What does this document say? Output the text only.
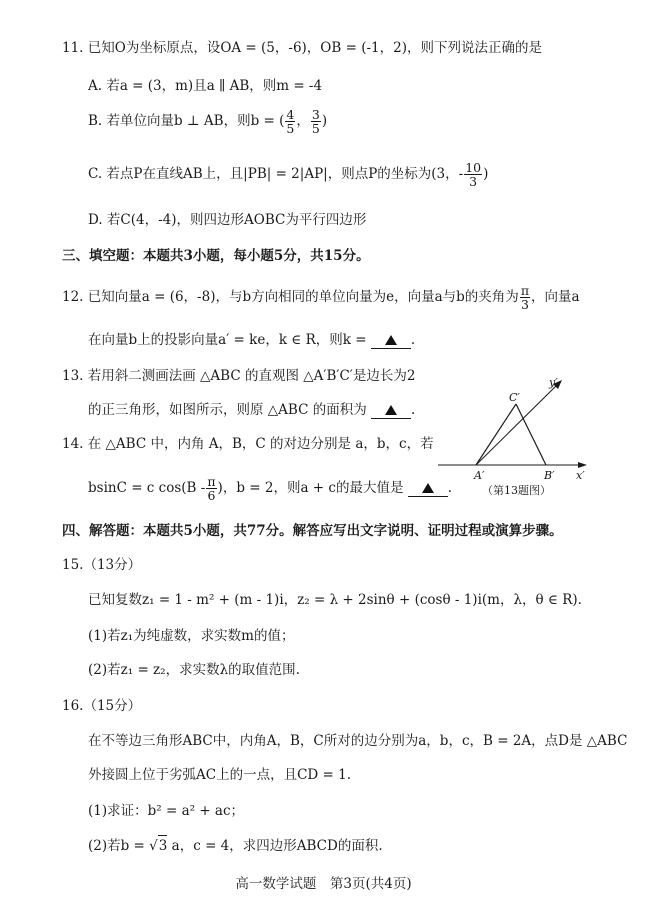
11. 已知O为坐标原点，设OA = (5，-6)，OB = (-1，2)，则下列说法正确的是
A. 若a = (3，m)且a ∥ AB，则m = -4
B. 若单位向量b ⊥ AB，则b = ( $\frac{4}{5}$ ， $\frac{3}{5}$ )
C. 若点P在直线AB上，且|PB| = 2|AP|，则点P的坐标为(3，- $\frac{10}{3}$ )
D. 若C(4，-4)，则四边形AOBC为平行四边形
三、填空题：本题共3小题，每小题5分，共15分。
12. 已知向量a = (6，-8)，与b方向相同的单位向量为e，向量a与b的夹角为 $\frac{\pi}{3}$ ，向量a
在向量b上的投影向量a′ = ke，k ∈ R，则k =	.
13. 若用斜二测画法画 △ABC 的直观图 △A′B′C′是边长为2
的正三角形，如图所示，则原 △ABC 的面积为	.
14. 在 △ABC 中，内角 A，B，C 的对边分别是 a，b，c，若
bsinC = c $\cos(B - \frac{\pi}{6}$ )，b = 2，则a + c的最大值是	.
C′
y′
A′	B′ x′
（第13题图）
四、解答题：本题共5小题，共77分。解答应写出文字说明、证明过程或演算步骤。
15.（13分）
已知复数z₁ = 1 - m² + (m - 1)i，z₂ = λ + 2sinθ + (cosθ - 1)i(m，λ，θ ∈ R).
(1)若z₁为纯虚数，求实数m的值；
(2)若z₁ = z₂，求实数λ的取值范围.
16.（15分）
在不等边三角形ABC中，内角A，B，C所对的边分别为a，b，c，B = 2A，点D是 △ABC
外接圆上位于劣弧AC上的一点，且CD = 1.
(1)求证：b² = a² + ac；
(2)若b = √3 a，c = 4，求四边形ABCD的面积.
高一数学试题　第3页(共4页)
